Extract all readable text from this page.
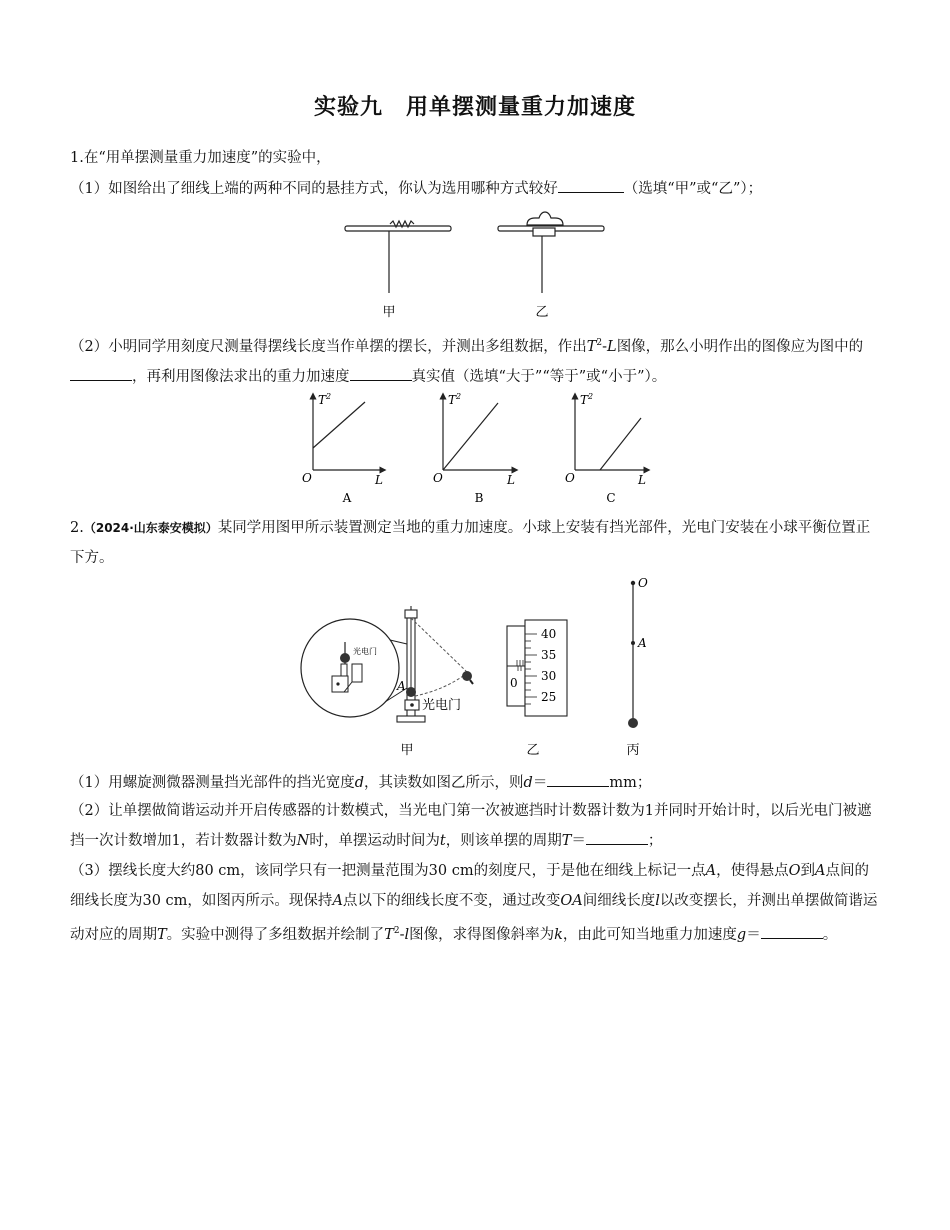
实验九　用单摆测量重力加速度
1.在“用单摆测量重力加速度”的实验中，
（1）如图给出了细线上端的两种不同的悬挂方式，你认为选用哪种方式较好	（选填“甲”或“乙”）；
甲	乙
（2）小明同学用刻度尺测量得摆线长度当作单摆的摆长，并测出多组数据，作出$T^2-L$图像，那么小明作出的图像应为图中的，再利用图像法求出的重力加速度	真实值（选填“大于”“等于”或“小于”）。
$T^2$
L
O
A
$T^2$
L
O
B
$T^2$
L
O
C
2.（2024·山东泰安模拟）某同学用图甲所示装置测定当地的重力加速度。小球上安装有挡光部件，光电门安装在小球平衡位置正下方。
光电门
A
光电门
甲
0
40
35
30
25
乙
O
A
丙
（1）用螺旋测微器测量挡光部件的挡光宽度d，其读数如图乙所示，则d＝	mm；
（2）让单摆做简谐运动并开启传感器的计数模式，当光电门第一次被遮挡时计数器计数为1并同时开始计时，以后光电门被遮挡一次计数增加1，若计数器计数为N时，单摆运动时间为t，则该单摆的周期T＝	；
（3）摆线长度大约80 cm，该同学只有一把测量范围为30 cm的刻度尺，于是他在细线上标记一点A，使得悬点O到A点间的细线长度为30 cm，如图丙所示。现保持A点以下的细线长度不变，通过改变OA间细线长度l以改变摆长，并测出单摆做简谐运动对应的周期T。实验中测得了多组数据并绘制了$T^2-l$图像，求得图像斜率为k，由此可知当地重力加速度g＝	。
